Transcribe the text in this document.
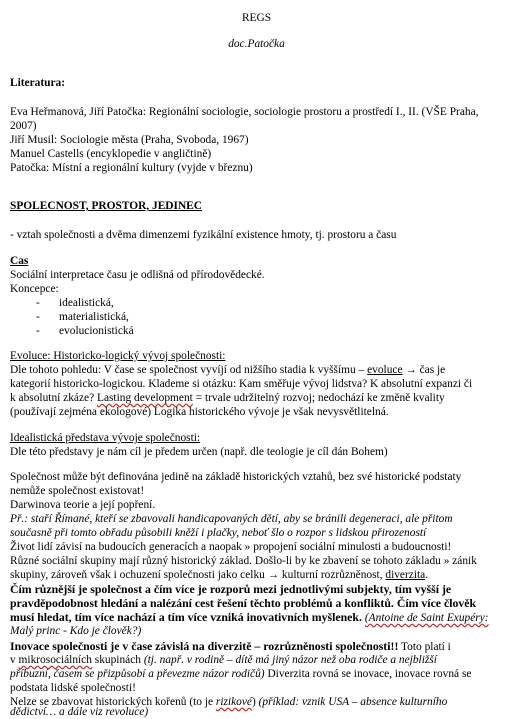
REGS
doc.Patočka
Literatura:
Eva Heřmanová, Jiří Patočka: Regionální sociologie, sociologie prostoru a prostředí I., II. (VŠE Praha,
2007)
Jiří Musil: Sociologie města (Praha, Svoboda, 1967)
Manuel Castells (encyklopedie v angličtině)
Patočka: Místní a regionální kultury (vyjde v březnu)
SPOLECNOST, PROSTOR, JEDINEC
- vztah společnosti a dvěma dimenzemi fyzikální existence hmoty, tj. prostoru a času
Cas
Sociální interpretace času je odlišná od přírodovědecké.
Koncepce:
- idealistická,
- materialistická,
- evolucionistická
Evoluce: Historicko-logický vývoj společnosti:
Dle tohoto pohledu: V čase se společnost vyvíjí od nižšího stadia k vyššímu – evoluce → čas je
kategorií historicko-logickou. Klademe si otázku: Kam směřuje vývoj lidstva? K absolutní expanzi či
k absolutní zkáze? Lasting development = trvale udržitelný rozvoj; nedochází ke změně kvality
(používají zejména ekologové) Logika historického vývoje je však nevysvětlitelná.
Idealistická představa vývoje společnosti:
Dle této představy je nám cíl je předem určen (např. dle teologie je cíl dán Bohem)
Společnost může být definována jedině na základě historických vztahů, bez své historické podstaty
nemůže společnost existovat!
Darwinova teorie a její popření.
Př.: staří Římané, kteří se zbavovali handicapovaných dětí, aby se bránili degeneraci, ale přitom
současně při tomto obřadu působili kněží i plačky, neboť šlo o rozpor s lidskou přirozeností
Život lidí závisí na budoucích generacích a naopak » propojení sociální minulosti a budoucnosti!
Různé sociální skupiny mají různý historický základ. Došlo-li by ke zbavení se tohoto základu » zánik
skupiny, zároveň však i ochuzení společnosti jako celku → kulturní rozrůzněnost, diverzita.
Čím různější je společnost a čím více je rozporů mezi jednotlivými subjekty, tím vyšší je
pravděpodobnost hledání a nalézání cest řešení těchto problémů a konfliktů. Čím více člověk
musí hledat, tím více nachází a tím více vzniká inovativních myšlenek. (Antoine de Saint Exupéry:
Malý princ - Kdo je člověk?)
Inovace společnosti je v čase závislá na diverzitě – rozrůzněnosti společnosti!! Toto platí i
v mikrosociálních skupinách (tj. např. v rodině – dítě má jiný názor než oba rodiče a nejbližší
příbuzní, časem se přizpůsobí a převezme názor rodičů) Diverzita rovná se inovace, inovace rovná se
podstata lidské společnosti!
Nelze se zbavovat historických kořenů (to je rizikové) (příklad: vznik USA – absence kulturního
dědictví… a dále viz revoluce)
